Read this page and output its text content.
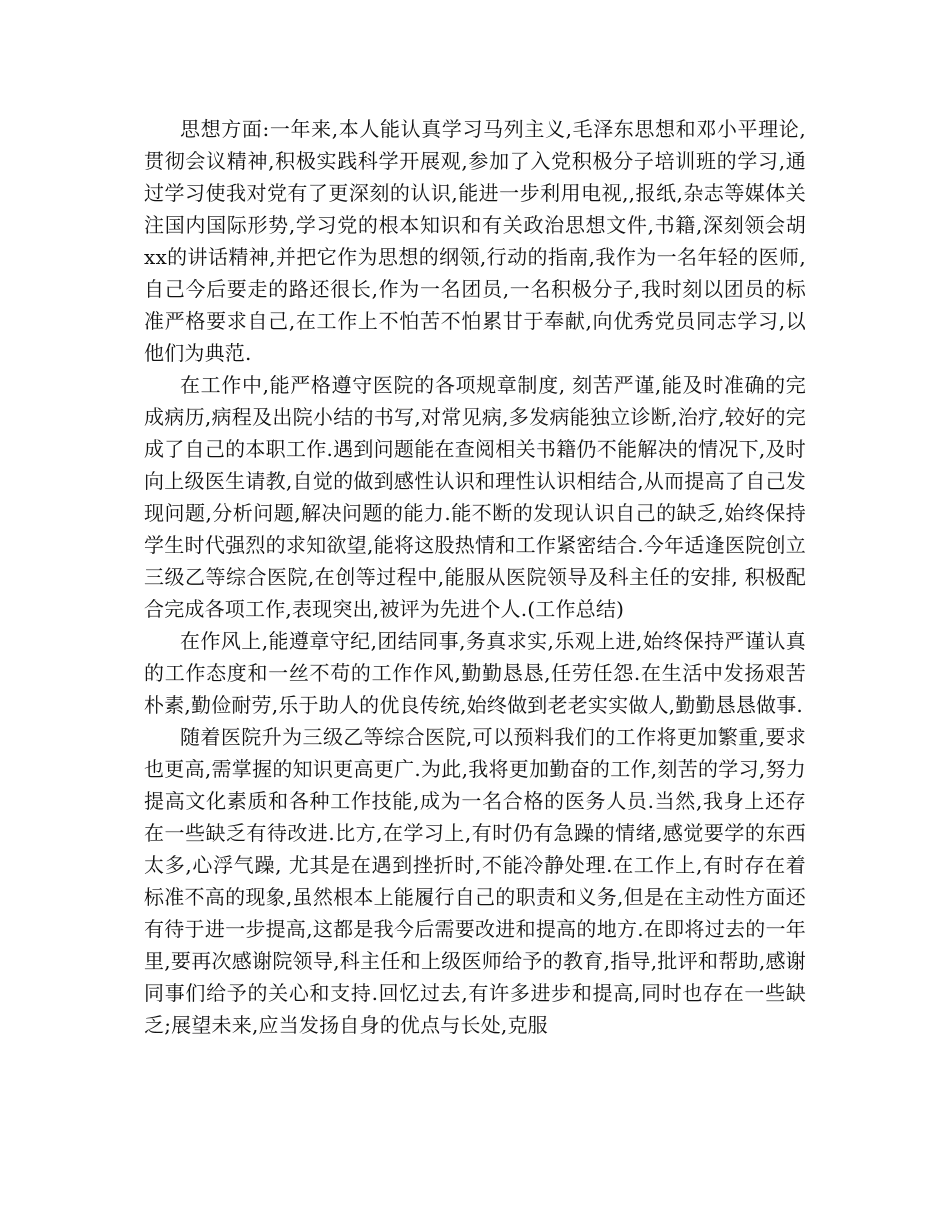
思想方面:一年来,本人能认真学习马列主义,毛泽东思想和邓小平理论,贯彻会议精神,积极实践科学开展观,参加了入党积极分子培训班的学习,通过学习使我对党有了更深刻的认识,能进一步利用电视,,报纸,杂志等媒体关注国内国际形势,学习党的根本知识和有关政治思想文件,书籍,深刻领会胡xx的讲话精神,并把它作为思想的纲领,行动的指南,我作为一名年轻的医师,自己今后要走的路还很长,作为一名团员,一名积极分子,我时刻以团员的标准严格要求自己,在工作上不怕苦不怕累甘于奉献,向优秀党员同志学习,以他们为典范.

在工作中,能严格遵守医院的各项规章制度, 刻苦严谨,能及时准确的完成病历,病程及出院小结的书写,对常见病,多发病能独立诊断,治疗,较好的完成了自己的本职工作.遇到问题能在查阅相关书籍仍不能解决的情况下,及时向上级医生请教,自觉的做到感性认识和理性认识相结合,从而提高了自己发现问题,分析问题,解决问题的能力.能不断的发现认识自己的缺乏,始终保持学生时代强烈的求知欲望,能将这股热情和工作紧密结合.今年适逢医院创立三级乙等综合医院,在创等过程中,能服从医院领导及科主任的安排, 积极配合完成各项工作,表现突出,被评为先进个人.(工作总结)

在作风上,能遵章守纪,团结同事,务真求实,乐观上进,始终保持严谨认真的工作态度和一丝不苟的工作作风,勤勤恳恳,任劳任怨.在生活中发扬艰苦朴素,勤俭耐劳,乐于助人的优良传统,始终做到老老实实做人,勤勤恳恳做事.

随着医院升为三级乙等综合医院,可以预料我们的工作将更加繁重,要求也更高,需掌握的知识更高更广.为此,我将更加勤奋的工作,刻苦的学习,努力提高文化素质和各种工作技能,成为一名合格的医务人员.当然,我身上还存在一些缺乏有待改进.比方,在学习上,有时仍有急躁的情绪,感觉要学的东西太多,心浮气躁, 尤其是在遇到挫折时,不能冷静处理.在工作上,有时存在着标准不高的现象,虽然根本上能履行自己的职责和义务,但是在主动性方面还有待于进一步提高,这都是我今后需要改进和提高的地方.在即将过去的一年里,要再次感谢院领导,科主任和上级医师给予的教育,指导,批评和帮助,感谢同事们给予的关心和支持.回忆过去,有许多进步和提高,同时也存在一些缺乏;展望未来,应当发扬自身的优点与长处,克服
